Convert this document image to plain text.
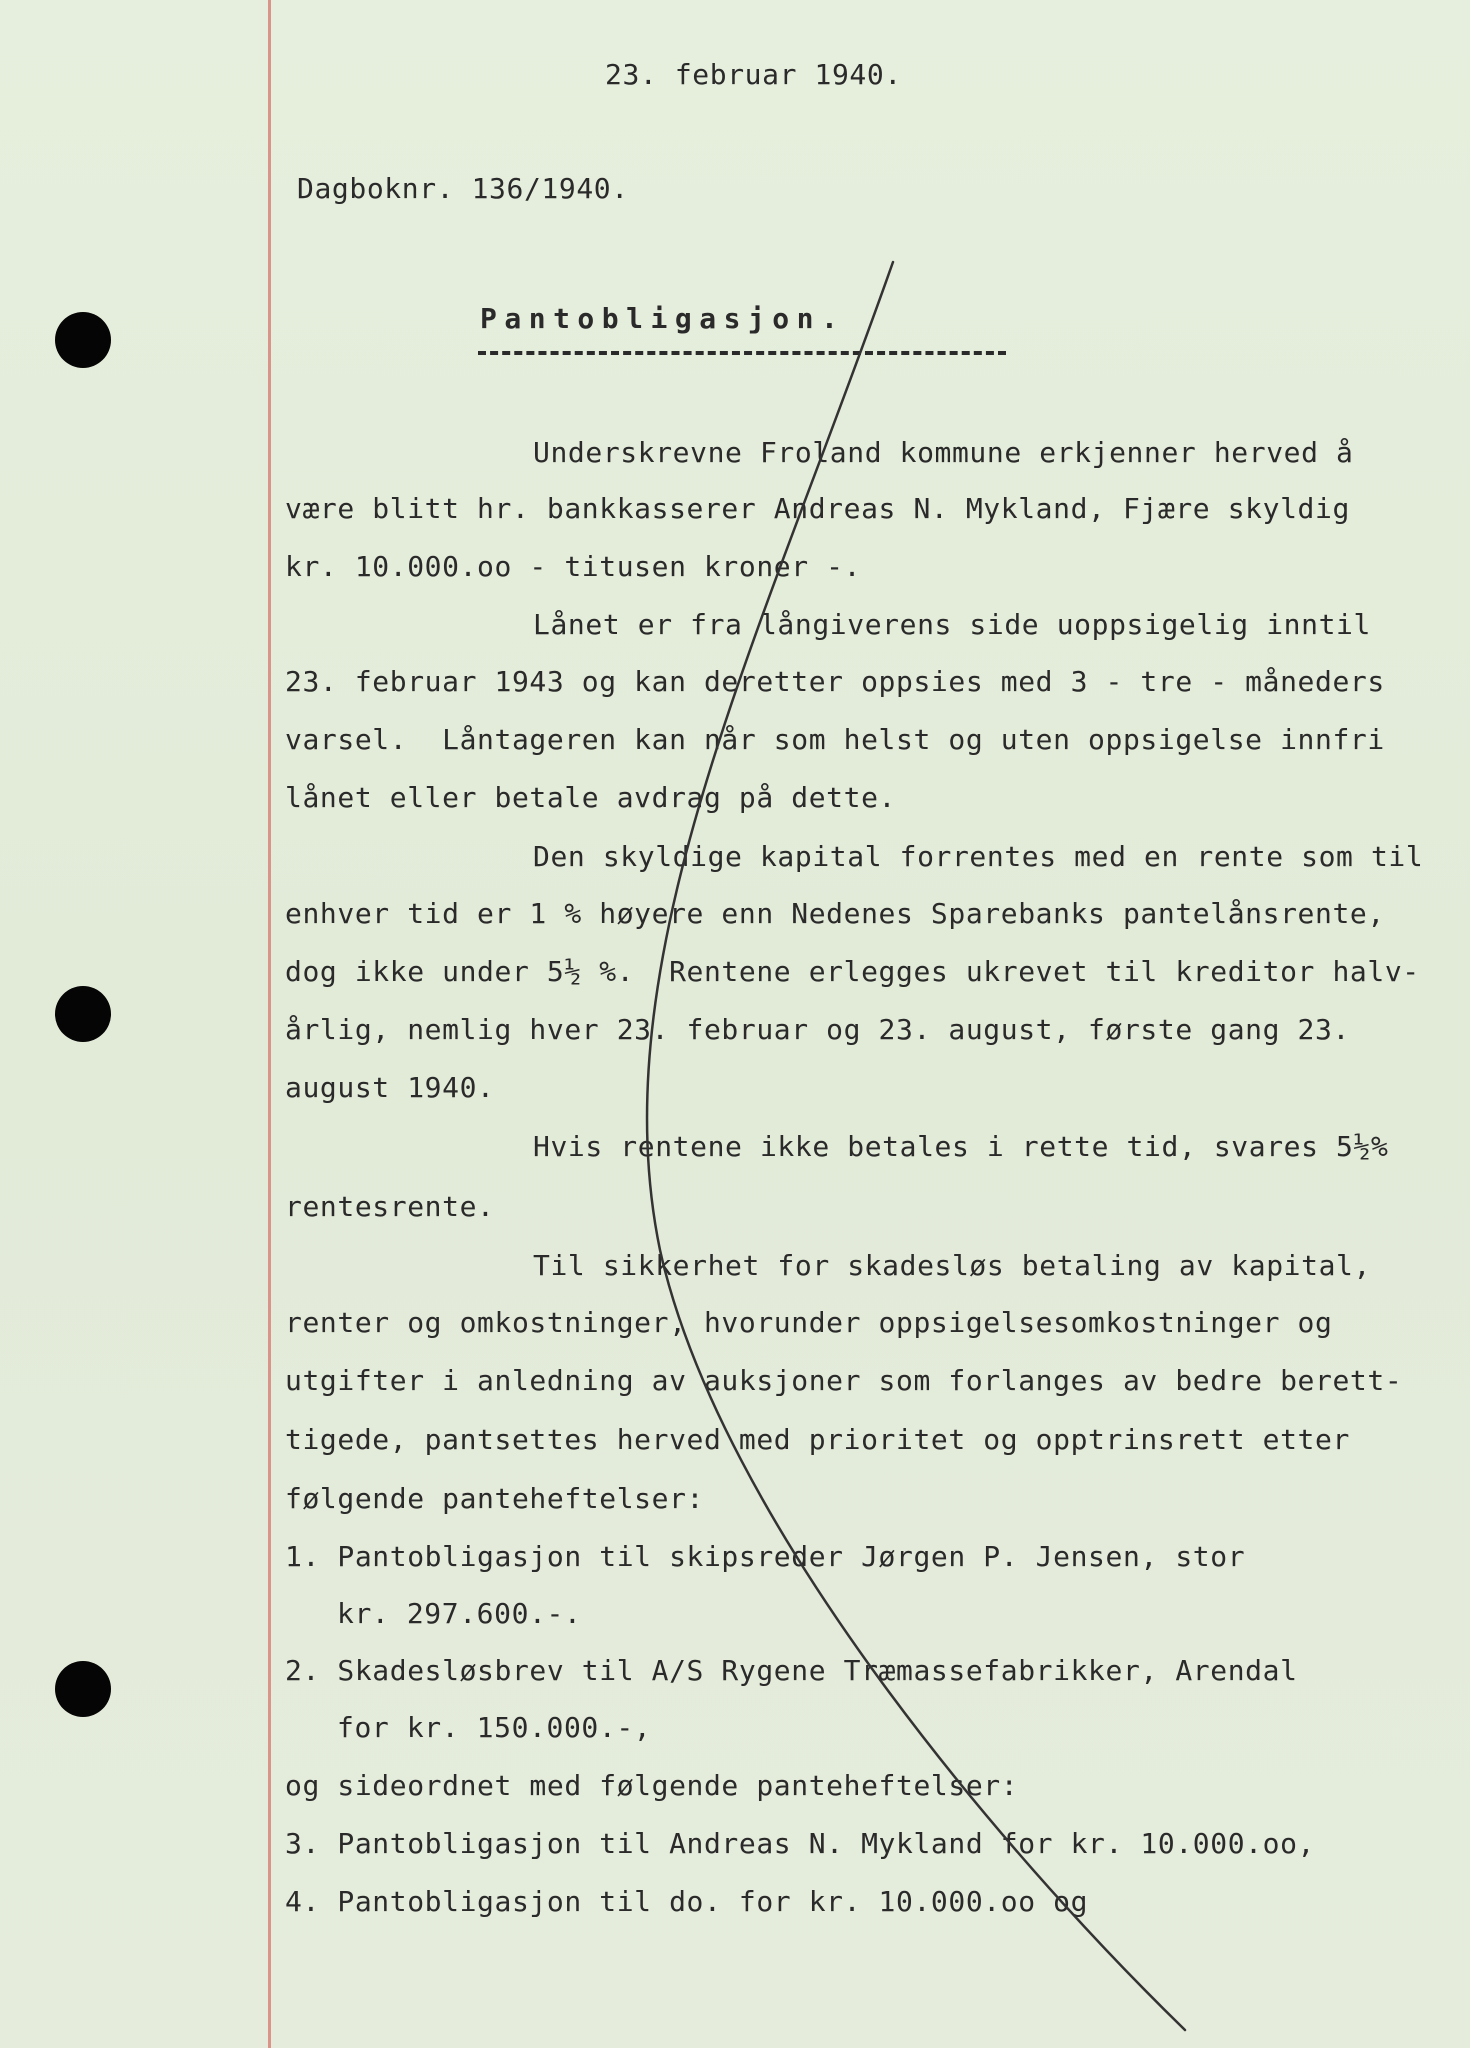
23. februar 1940.
Dagboknr. 136/1940.
Pantobligasjon.
Underskrevne Froland kommune erkjenner herved å
være blitt hr. bankkasserer Andreas N. Mykland, Fjære skyldig
kr. 10.000.oo - titusen kroner -.
Lånet er fra långiverens side uoppsigelig inntil
23. februar 1943 og kan deretter oppsies med 3 - tre - måneders
varsel.  Låntageren kan når som helst og uten oppsigelse innfri
lånet eller betale avdrag på dette.
Den skyldige kapital forrentes med en rente som til
enhver tid er 1 % høyere enn Nedenes Sparebanks pantelånsrente,
dog ikke under 5½ %.  Rentene erlegges ukrevet til kreditor halv-
årlig, nemlig hver 23. februar og 23. august, første gang 23.
august 1940.
Hvis rentene ikke betales i rette tid, svares 5½%
rentesrente.
Til sikkerhet for skadesløs betaling av kapital,
renter og omkostninger, hvorunder oppsigelsesomkostninger og
utgifter i anledning av auksjoner som forlanges av bedre berett-
tigede, pantsettes herved med prioritet og opptrinsrett etter
følgende panteheftelser:
1. Pantobligasjon til skipsreder Jørgen P. Jensen, stor
kr. 297.600.-.
2. Skadesløsbrev til A/S Rygene Træmassefabrikker, Arendal
for kr. 150.000.-,
og sideordnet med følgende panteheftelser:
3. Pantobligasjon til Andreas N. Mykland for kr. 10.000.oo,
4. Pantobligasjon til do. for kr. 10.000.oo og
